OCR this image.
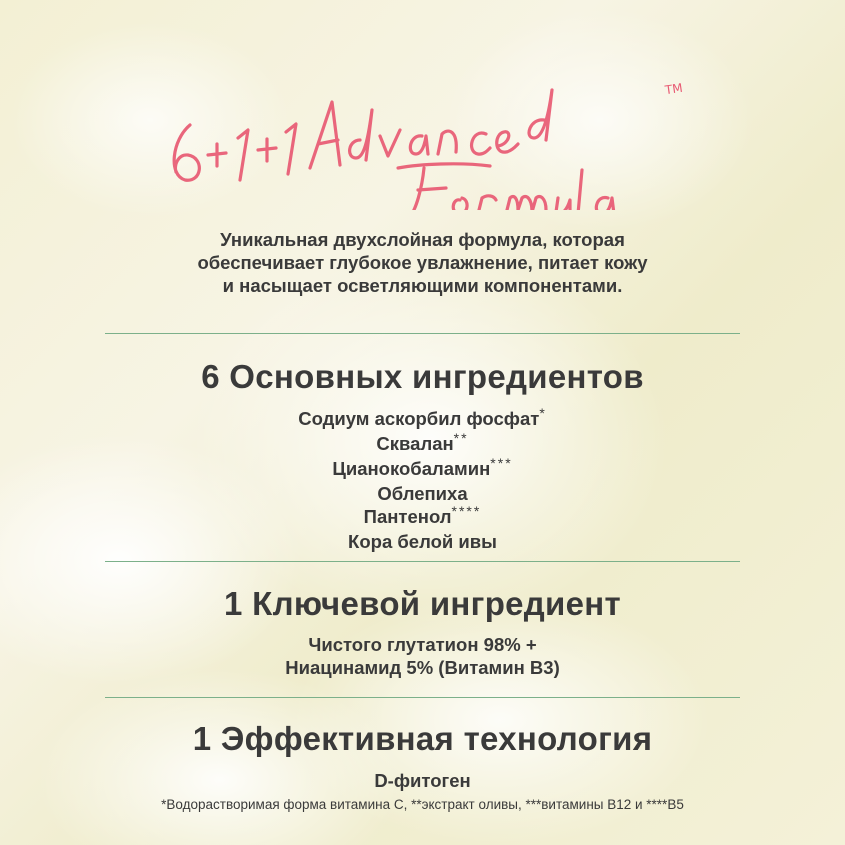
TM
Уникальная двухслойная формула, которая
обеспечивает глубокое увлажнение, питает кожу
и насыщает осветляющими компонентами.
6 Основных ингредиентов
Содиум аскорбил фосфат*
Сквалан**
Цианокобаламин***
Облепиха
Пантенол****
Кора белой ивы
1 Ключевой ингредиент
Чистого глутатион 98% +
Ниацинамид 5% (Витамин В3)
1 Эффективная технология
D-фитоген
*Водорастворимая форма витамина С, **экстракт оливы, ***витамины В12 и ****В5
